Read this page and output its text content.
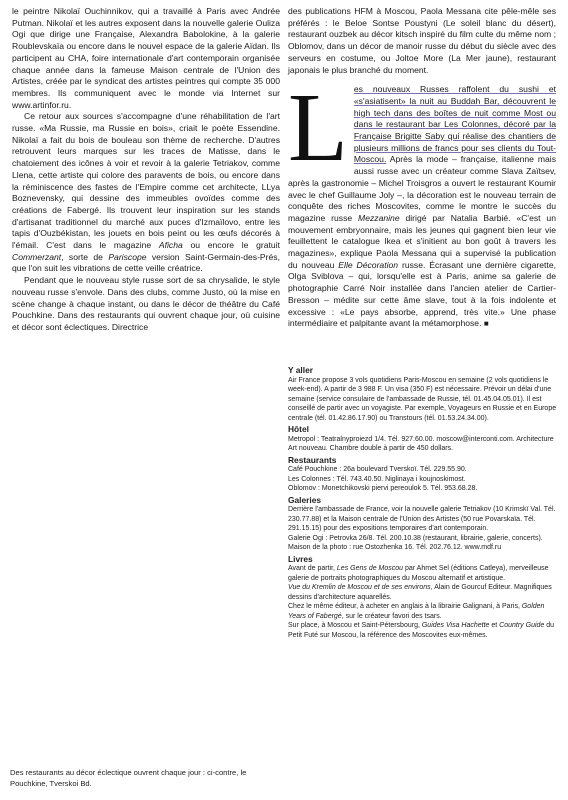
le peintre Nikolaï Ouchinnikov, qui a travaillé à Paris avec Andrée Putman. Nikolaï et les autres exposent dans la nouvelle galerie Ouliza Ogi que dirige une Française, Alexandra Babolokine, à la galerie Roublevskaïa ou encore dans le nouvel espace de la galerie Aïdan. Ils participent au CHA, foire internationale d'art contemporain organisée chaque année dans la fameuse Maison centrale de l'Union des Artistes, créée par le syndicat des artistes peintres qui compte 35 000 membres. Ils communiquent avec le monde via Internet sur www.artinfor.ru.

Ce retour aux sources s'accompagne d'une réhabilitation de l'art russe. «Ma Russie, ma Russie en bois», criait le poète Essendine. Nikolaï a fait du bois de bouleau son thème de recherche. D'autres retrouvent leurs marques sur les traces de Matisse, dans le chatoiement des icônes à voir et revoir à la galerie Tetriakov, comme Llena, cette artiste qui colore des paravents de bois, ou encore dans la réminiscence des fastes de l'Empire comme cet architecte, LLya Boznevensky, qui dessine des immeubles ovoïdes comme des créations de Fabergé. Ils trouvent leur inspiration sur les stands d'artisanat traditionnel du marché aux puces d'Izmaïlovo, entre les tapis d'Ouzbékistan, les jouets en bois peint ou les œufs décorés à l'émail. C'est dans le magazine Aficha ou encore le gratuit Commerzant, sorte de Pariscope version Saint-Germain-des-Prés, que l'on suit les vibrations de cette veille créatrice.

Pendant que le nouveau style russe sort de sa chrysalide, le style nouveau russe s'envole. Dans des clubs, comme Justo, où la mise en scène change à chaque instant, ou dans le décor de théâtre du Café Pouchkine. Dans des restaurants qui ouvrent chaque jour, où cuisine et décor sont éclectiques. Directrice

des publications HFM à Moscou, Paola Messana cite pêle-mêle ses préférés : le Beloe Sontse Poustyni (Le soleil blanc du désert), restaurant ouzbek au décor kitsch inspiré du film culte du même nom ; Oblomov, dans un décor de manoir russe du début du siècle avec des serveurs en costume, ou Joltoe More (La Mer jaune), restaurant japonais le plus branché du moment.

L es nouveaux Russes raffolent du sushi et «s'asiatisent» la nuit au Buddah Bar, découvrent le high tech dans des boîtes de nuit comme Most ou dans le restaurant bar Les Colonnes, décoré par la Française Brigitte Saby qui réalise des chantiers de plusieurs millions de francs pour ses clients du Tout-Moscou. Après la mode – française, italienne mais aussi russe avec un créateur comme Slava Zaïtsev, après la gastronomie – Michel Troisgros a ouvert le restaurant Koumir avec le chef Guillaume Joly –, la décoration est le nouveau terrain de conquête des riches Moscovites, comme le montre le succès du magazine russe Mezzanine dirigé par Natalia Barbié. «C'est un mouvement embryonnaire, mais les jeunes qui gagnent bien leur vie feuillettent le catalogue Ikea et s'initient au bon goût à travers les magazines», explique Paola Messana qui a supervisé la publication du nouveau Elle Décoration russe. Écrasant une dernière cigarette, Olga Sviblova – qui, lorsqu'elle est à Paris, anime sa galerie de photographie Carré Noir installée dans l'ancien atelier de Cartier-Bresson – médite sur cette âme slave, tout à la fois indolente et excessive : «Le pays absorbe, apprend, très vite.» Une phase intermédiaire et palpitante avant la métamorphose. ■

Y aller

Air France propose 3 vols quotidiens Paris-Moscou en semaine (2 vols quotidiens le week-end). A partir de 3 988 F. Un visa (350 F) est nécessaire. Prévoir un délai d'une semaine (service consulaire de l'ambassade de Russie, tél. 01.45.04.05.01). Il est conseillé de partir avec un voyagiste. Par exemple, Voyageurs en Russie et en Europe centrale (tél. 01.42.86.17.90) ou Transtours (tél. 01.53.24.34.00).

Hôtel

Metropol : Teatralnyproiezd 1/4. Tél. 927.60.00. moscow@interconti.com. Architecture Art nouveau. Chambre double à partir de 450 dollars.

Restaurants

Café Pouchkine : 26a boulevard Tverskoï. Tél. 229.55.90.

Les Colonnes : Tél. 743.40.50. Niglinaya i koujnoskimost.

Oblomov : Monetchikovski piervi pereoulok 5. Tél. 953.68.28.

Galeries

Derrière l'ambassade de France, voir la nouvelle galerie Tetriakov (10 Krimskï Val. Tél. 230.77.88) et la Maison centrale de l'Union des Artistes (50 rue Povarskaïa. Tél. 291.15.15) pour des expositions temporaires d'art contemporain.

Galerie Ogi : Petrovka 26/8. Tél. 200.10.38 (restaurant, librairie, galerie, concerts).

Maison de la photo : rue Ostozhenka 16. Tél. 202.76.12. www.mdf.ru

Livres

Avant de partir, Les Gens de Moscou par Ahmet Sel (éditions Catleya), merveilleuse galerie de portraits photographiques du Moscou alternatif et artistique.

Vue du Kremlin de Moscou et de ses environs, Alain de Gourcuf Editeur. Magnifiques dessins d'architecture aquarellés.

Chez le même éditeur, à acheter en anglais à la librairie Galignani, à Paris, Golden Years of Fabergé, sur le créateur favori des tsars.

Sur place, à Moscou et Saint-Pétersbourg, Guides Visa Hachette et Country Guide du Petit Futé sur Moscou, la référence des Moscovites eux-mêmes.

Des restaurants au décor éclectique ouvrent chaque jour : ci-contre, le Pouchkine, Tverskoi Bd.
